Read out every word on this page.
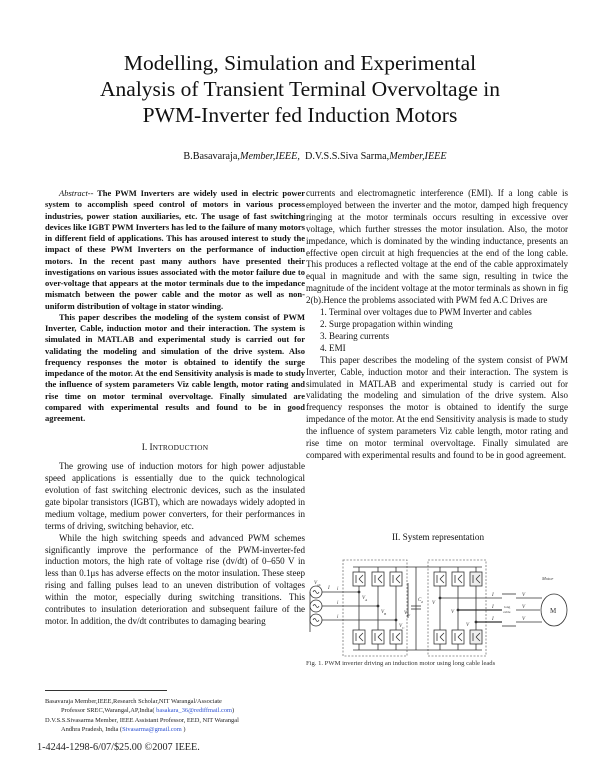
Modelling, Simulation and Experimental
Analysis of Transient Terminal Overvoltage in
PWM-Inverter fed Induction Motors
B.Basavaraja,Member,IEEE, D.V.S.S.Siva Sarma,Member,IEEE

Abstract-- The PWM Inverters are widely used in electric power system to accomplish speed control of motors in various process industries, power station auxiliaries, etc. The usage of fast switching devices like IGBT PWM Inverters has led to the failure of many motors in different field of applications. This has aroused interest to study the impact of these PWM Inverters on the performance of induction motors. In the recent past many authors have presented their investigations on various issues associated with the motor failure due to over-voltage that appears at the motor terminals due to the impedance mismatch between the power cable and the motor as well as non-uniform distribution of voltage in stator winding.

This paper describes the modeling of the system consist of PWM Inverter, Cable, induction motor and their interaction. The system is simulated in MATLAB and experimental study is carried out for validating the modeling and simulation of the drive system. Also frequency responses the motor is obtained to identify the surge impedance of the motor. At the end Sensitivity analysis is made to study the influence of system parameters Viz cable length, motor rating and rise time on motor terminal overvoltage. Finally simulated are compared with experimental results and found to be in good agreement.

I. INTRODUCTION

The growing use of induction motors for high power adjustable speed applications is essentially due to the quick technological evolution of fast switching electronic devices, such as the insulated gate bipolar transistors (IGBT), which are nowadays widely adopted in medium voltage, medium power converters, for their performances in terms of driving, switching behavior, etc.

While the high switching speeds and advanced PWM schemes significantly improve the performance of the PWM-inverter-fed induction motors, the high rate of voltage rise (dv/dt) of 0–650 V in less than 0.1μs has adverse effects on the motor insulation. These steep rising and falling pulses lead to an uneven distribution of voltages within the motor, especially during switching transitions. This contributes to insulation deterioration and subsequent failure of the motor. In addition, the dv/dt contributes to damaging bearing

currents and electromagnetic interference (EMI). If a long cable is employed between the inverter and the motor, damped high frequency ringing at the motor terminals occurs resulting in excessive over voltage, which further stresses the motor insulation. Also, the motor impedance, which is dominated by the winding inductance, presents an effective open circuit at high frequencies at the end of the long cable. This produces a reflected voltage at the end of the cable approximately equal in magnitude and with the same sign, resulting in twice the magnitude of the incident voltage at the motor terminals as shown in fig 2(b).Hence the problems associated with PWM fed A.C Drives are

1. Terminal over voltages due to PWM Inverter and cables
2. Surge propagation within winding
3. Bearing currents
4. EMI

This paper describes the modeling of the system consist of PWM Inverter, Cable, induction motor and their interaction. The system is simulated in MATLAB and experimental study is carried out for validating the modeling and simulation of the drive system. Also frequency responses the motor is obtained to identify the surge impedance of the motor. At the end Sensitivity analysis is made to study the influence of system parameters Viz cable length, motor rating and rise time on motor terminal overvoltage. Finally simulated are compared with experimental results and found to be in good agreement.

II. System representation
V ab
I i
i
i
V A
V B
V C
V dc
C d V
V
V
I
I
I
long
cable
V
V
V
Motor
M
Fig. 1. PWM inverter driving an induction motor using long cable leads
Basavaraja Member,IEEE,Research Scholar,NIT Warangal/Associate
Professor SREC,Warangal,AP,India( basakara_36@rediffmail.com)
D.V.S.S.Sivasarma Member, IEEE Assistant Professor, EED, NIT Warangal
Andhra Pradesh, India (Sivasarma@gmail.com )
1-4244-1298-6/07/$25.00 ©2007 IEEE.
